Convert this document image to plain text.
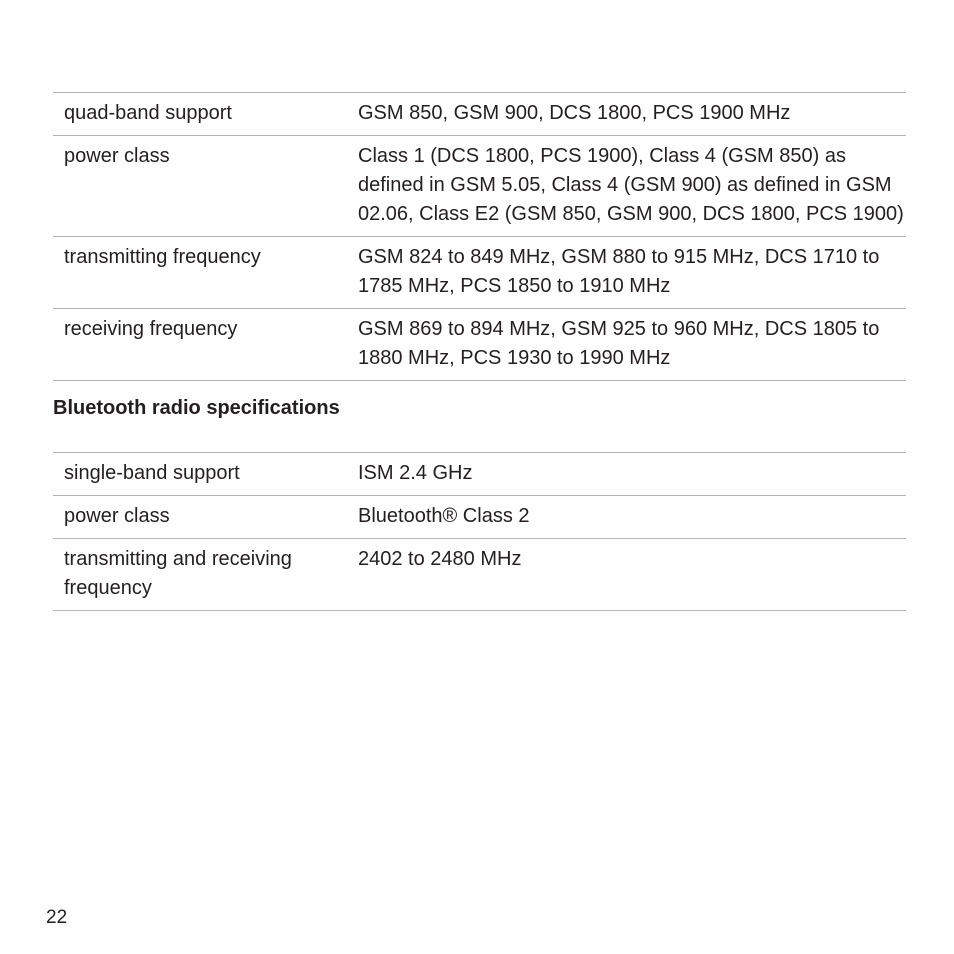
quad-band support	GSM 850, GSM 900, DCS 1800, PCS 1900 MHz
power class	Class 1 (DCS 1800, PCS 1900), Class 4 (GSM 850) as defined in GSM 5.05, Class 4 (GSM 900) as defined in GSM 02.06, Class E2 (GSM 850, GSM 900, DCS 1800, PCS 1900)
transmitting frequency	GSM 824 to 849 MHz, GSM 880 to 915 MHz, DCS 1710 to 1785 MHz, PCS 1850 to 1910 MHz
receiving frequency	GSM 869 to 894 MHz, GSM 925 to 960 MHz, DCS 1805 to 1880 MHz, PCS 1930 to 1990 MHz
Bluetooth radio specifications
single-band support	ISM 2.4 GHz
power class	Bluetooth® Class 2
transmitting and receiving frequency	2402 to 2480 MHz
22
